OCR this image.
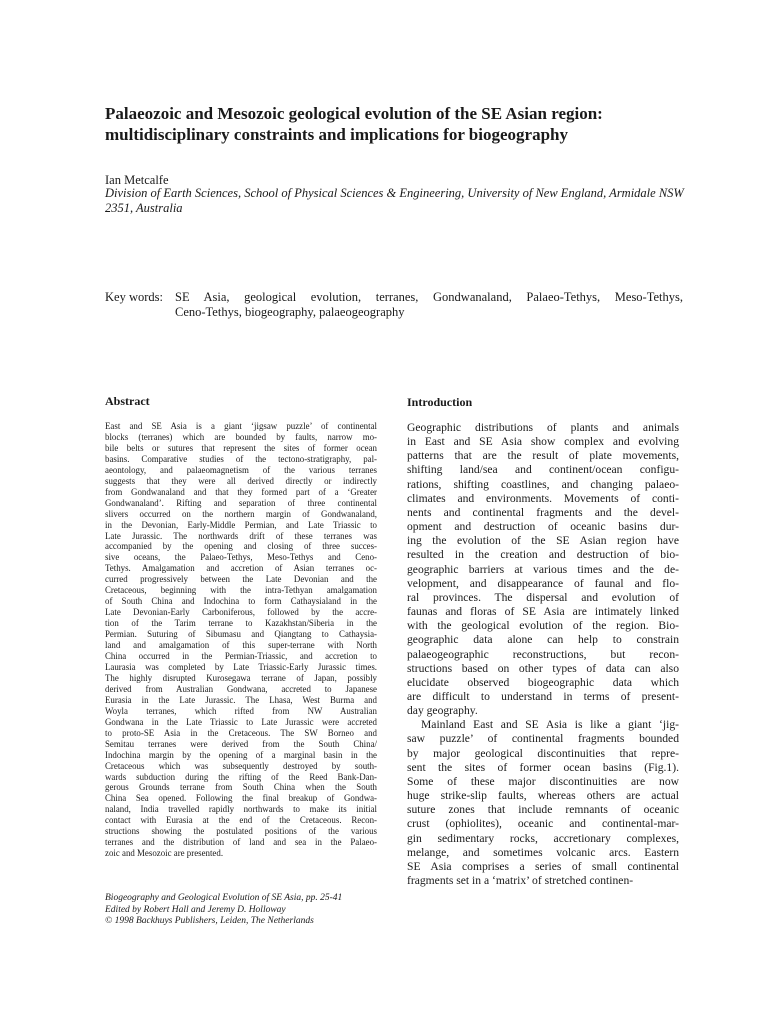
Palaeozoic and Mesozoic geological evolution of the SE Asian region: multidisciplinary constraints and implications for biogeography
Ian Metcalfe
Division of Earth Sciences, School of Physical Sciences & Engineering, University of New England, Armidale NSW 2351, Australia
Key words: SE Asia, geological evolution, terranes, Gondwanaland, Palaeo-Tethys, Meso-Tethys,
Ceno-Tethys, biogeography, palaeogeography
Abstract
East and SE Asia is a giant ‘jigsaw puzzle’ of continental
blocks (terranes) which are bounded by faults, narrow mo-
bile belts or sutures that represent the sites of former ocean
basins. Comparative studies of the tectono-stratigraphy, pal-
aeontology, and palaeomagnetism of the various terranes
suggests that they were all derived directly or indirectly
from Gondwanaland and that they formed part of a ‘Greater
Gondwanaland’. Rifting and separation of three continental
slivers occurred on the northern margin of Gondwanaland,
in the Devonian, Early-Middle Permian, and Late Triassic to
Late Jurassic. The northwards drift of these terranes was
accompanied by the opening and closing of three succes-
sive oceans, the Palaeo-Tethys, Meso-Tethys and Ceno-
Tethys. Amalgamation and accretion of Asian terranes oc-
curred progressively between the Late Devonian and the
Cretaceous, beginning with the intra-Tethyan amalgamation
of South China and Indochina to form Cathaysialand in the
Late Devonian-Early Carboniferous, followed by the accre-
tion of the Tarim terrane to Kazakhstan/Siberia in the
Permian. Suturing of Sibumasu and Qiangtang to Cathaysia-
land and amalgamation of this super-terrane with North
China occurred in the Permian-Triassic, and accretion to
Laurasia was completed by Late Triassic-Early Jurassic times.
The highly disrupted Kurosegawa terrane of Japan, possibly
derived from Australian Gondwana, accreted to Japanese
Eurasia in the Late Jurassic. The Lhasa, West Burma and
Woyla terranes, which rifted from NW Australian
Gondwana in the Late Triassic to Late Jurassic were accreted
to proto-SE Asia in the Cretaceous. The SW Borneo and
Semitau terranes were derived from the South China/
Indochina margin by the opening of a marginal basin in the
Cretaceous which was subsequently destroyed by south-
wards subduction during the rifting of the Reed Bank-Dan-
gerous Grounds terrane from South China when the South
China Sea opened. Following the final breakup of Gondwa-
naland, India travelled rapidly northwards to make its initial
contact with Eurasia at the end of the Cretaceous. Recon-
structions showing the postulated positions of the various
terranes and the distribution of land and sea in the Palaeo-
zoic and Mesozoic are presented.
Introduction
Geographic distributions of plants and animals
in East and SE Asia show complex and evolving
patterns that are the result of plate movements,
shifting land/sea and continent/ocean configu-
rations, shifting coastlines, and changing palaeo-
climates and environments. Movements of conti-
nents and continental fragments and the devel-
opment and destruction of oceanic basins dur-
ing the evolution of the SE Asian region have
resulted in the creation and destruction of bio-
geographic barriers at various times and the de-
velopment, and disappearance of faunal and flo-
ral provinces. The dispersal and evolution of
faunas and floras of SE Asia are intimately linked
with the geological evolution of the region. Bio-
geographic data alone can help to constrain
palaeogeographic reconstructions, but recon-
structions based on other types of data can also
elucidate observed biogeographic data which
are difficult to understand in terms of present-
day geography.
Mainland East and SE Asia is like a giant ‘jig-
saw puzzle’ of continental fragments bounded
by major geological discontinuities that repre-
sent the sites of former ocean basins (Fig.1).
Some of these major discontinuities are now
huge strike-slip faults, whereas others are actual
suture zones that include remnants of oceanic
crust (ophiolites), oceanic and continental-mar-
gin sedimentary rocks, accretionary complexes,
melange, and sometimes volcanic arcs. Eastern
SE Asia comprises a series of small continental
fragments set in a ‘matrix’ of stretched continen-
Biogeography and Geological Evolution of SE Asia, pp. 25-41
Edited by Robert Hall and Jeremy D. Holloway
© 1998 Backhuys Publishers, Leiden, The Netherlands
